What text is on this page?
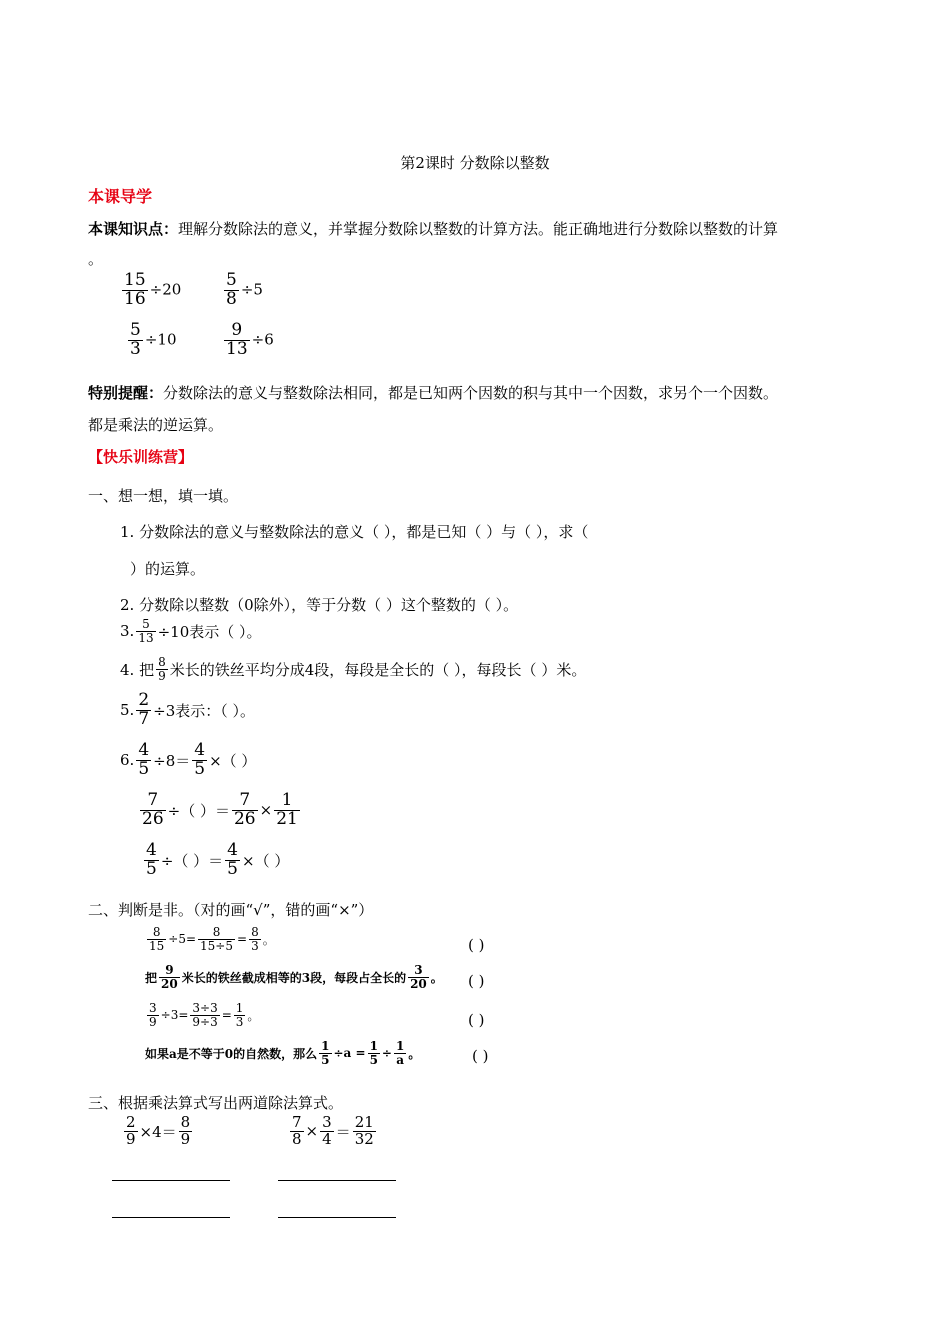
第2课时 分数除以整数
本课导学
本课知识点：理解分数除法的意义，并掌握分数除以整数的计算方法。能正确地进行分数除以整数的计算
。
$\frac{15}{16} \div 20$	$\frac{5}{8} \div 5$
$\frac{5}{3} \div 10$	$\frac{9}{13} \div 6$
特别提醒：分数除法的意义与整数除法相同，都是已知两个因数的积与其中一个因数，求另个一个因数。
都是乘法的逆运算。
【快乐训练营】
一、想一想，填一填。
1. 分数除法的意义与整数除法的意义（ ），都是已知（ ）与（ ），求（
）的运算。
2. 分数除以整数（0除外），等于分数（ ）这个整数的（ ）。
3. $\frac{5}{13} \div 10$表示（ ）。
4. 把 $\frac{8}{9}$ 米长的铁丝平均分成4段，每段是全长的（ ），每段长（ ）米。
5. $\frac{2}{7} \div 3$表示：（ ）。
6. $\frac{4}{5} \div 8= \frac{4}{5}$ ×（ ）
$\frac{7}{26}$ ÷（ ）＝ $\frac{7}{26} \times \frac{1}{21}$
$\frac{4}{5}$ ÷（ ）＝ $\frac{4}{5}$ ×（ ）
二、判断是非。（对的画“√”，错的画“×”）
$\frac{8}{15} \div 5= \frac{8}{15\div 5} = \frac{8}{3}$ 。	( )
把 $\frac{9}{20}$ 米长的铁丝截成相等的3段，每段占全长的 $\frac{3}{20}$ 。 ( )
$\frac{3}{9} \div 3= \frac{3\div 3}{9\div 3} = \frac{1}{3}$ 。	( )
如果a是不等于0的自然数，那么 $\frac{1}{5} \div a = \frac{1}{5} \div \frac{1}{a}$ 。	( )
三、根据乘法算式写出两道除法算式。
$\frac{2}{9} \times 4= \frac{8}{9}$	$\frac{7}{8} \times \frac{3}{4} = \frac{21}{32}$
